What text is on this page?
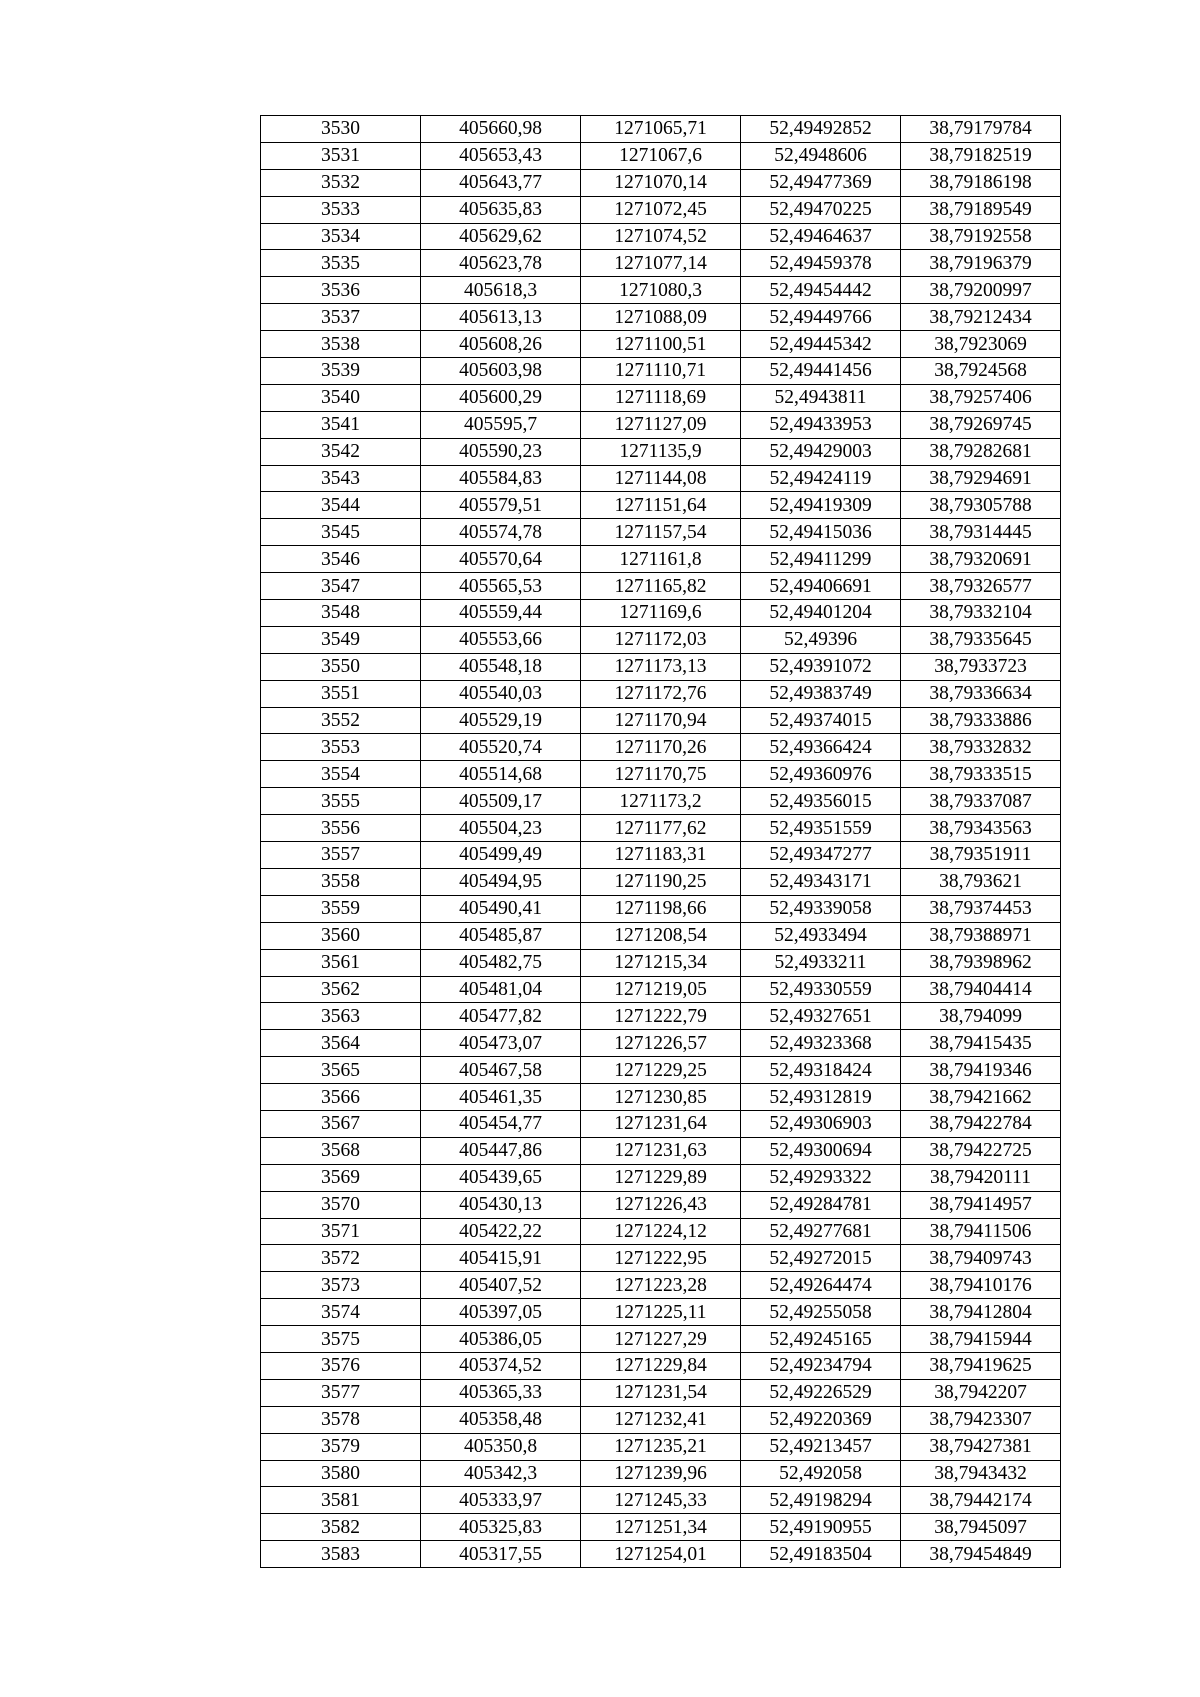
3530	405660,98	1271065,71	52,49492852	38,79179784
3531	405653,43	1271067,6	52,4948606	38,79182519
3532	405643,77	1271070,14	52,49477369	38,79186198
3533	405635,83	1271072,45	52,49470225	38,79189549
3534	405629,62	1271074,52	52,49464637	38,79192558
3535	405623,78	1271077,14	52,49459378	38,79196379
3536	405618,3	1271080,3	52,49454442	38,79200997
3537	405613,13	1271088,09	52,49449766	38,79212434
3538	405608,26	1271100,51	52,49445342	38,7923069
3539	405603,98	1271110,71	52,49441456	38,7924568
3540	405600,29	1271118,69	52,4943811	38,79257406
3541	405595,7	1271127,09	52,49433953	38,79269745
3542	405590,23	1271135,9	52,49429003	38,79282681
3543	405584,83	1271144,08	52,49424119	38,79294691
3544	405579,51	1271151,64	52,49419309	38,79305788
3545	405574,78	1271157,54	52,49415036	38,79314445
3546	405570,64	1271161,8	52,49411299	38,79320691
3547	405565,53	1271165,82	52,49406691	38,79326577
3548	405559,44	1271169,6	52,49401204	38,79332104
3549	405553,66	1271172,03	52,49396	38,79335645
3550	405548,18	1271173,13	52,49391072	38,7933723
3551	405540,03	1271172,76	52,49383749	38,79336634
3552	405529,19	1271170,94	52,49374015	38,79333886
3553	405520,74	1271170,26	52,49366424	38,79332832
3554	405514,68	1271170,75	52,49360976	38,79333515
3555	405509,17	1271173,2	52,49356015	38,79337087
3556	405504,23	1271177,62	52,49351559	38,79343563
3557	405499,49	1271183,31	52,49347277	38,79351911
3558	405494,95	1271190,25	52,49343171	38,793621
3559	405490,41	1271198,66	52,49339058	38,79374453
3560	405485,87	1271208,54	52,4933494	38,79388971
3561	405482,75	1271215,34	52,4933211	38,79398962
3562	405481,04	1271219,05	52,49330559	38,79404414
3563	405477,82	1271222,79	52,49327651	38,794099
3564	405473,07	1271226,57	52,49323368	38,79415435
3565	405467,58	1271229,25	52,49318424	38,79419346
3566	405461,35	1271230,85	52,49312819	38,79421662
3567	405454,77	1271231,64	52,49306903	38,79422784
3568	405447,86	1271231,63	52,49300694	38,79422725
3569	405439,65	1271229,89	52,49293322	38,79420111
3570	405430,13	1271226,43	52,49284781	38,79414957
3571	405422,22	1271224,12	52,49277681	38,79411506
3572	405415,91	1271222,95	52,49272015	38,79409743
3573	405407,52	1271223,28	52,49264474	38,79410176
3574	405397,05	1271225,11	52,49255058	38,79412804
3575	405386,05	1271227,29	52,49245165	38,79415944
3576	405374,52	1271229,84	52,49234794	38,79419625
3577	405365,33	1271231,54	52,49226529	38,7942207
3578	405358,48	1271232,41	52,49220369	38,79423307
3579	405350,8	1271235,21	52,49213457	38,79427381
3580	405342,3	1271239,96	52,492058	38,7943432
3581	405333,97	1271245,33	52,49198294	38,79442174
3582	405325,83	1271251,34	52,49190955	38,7945097
3583	405317,55	1271254,01	52,49183504	38,79454849
